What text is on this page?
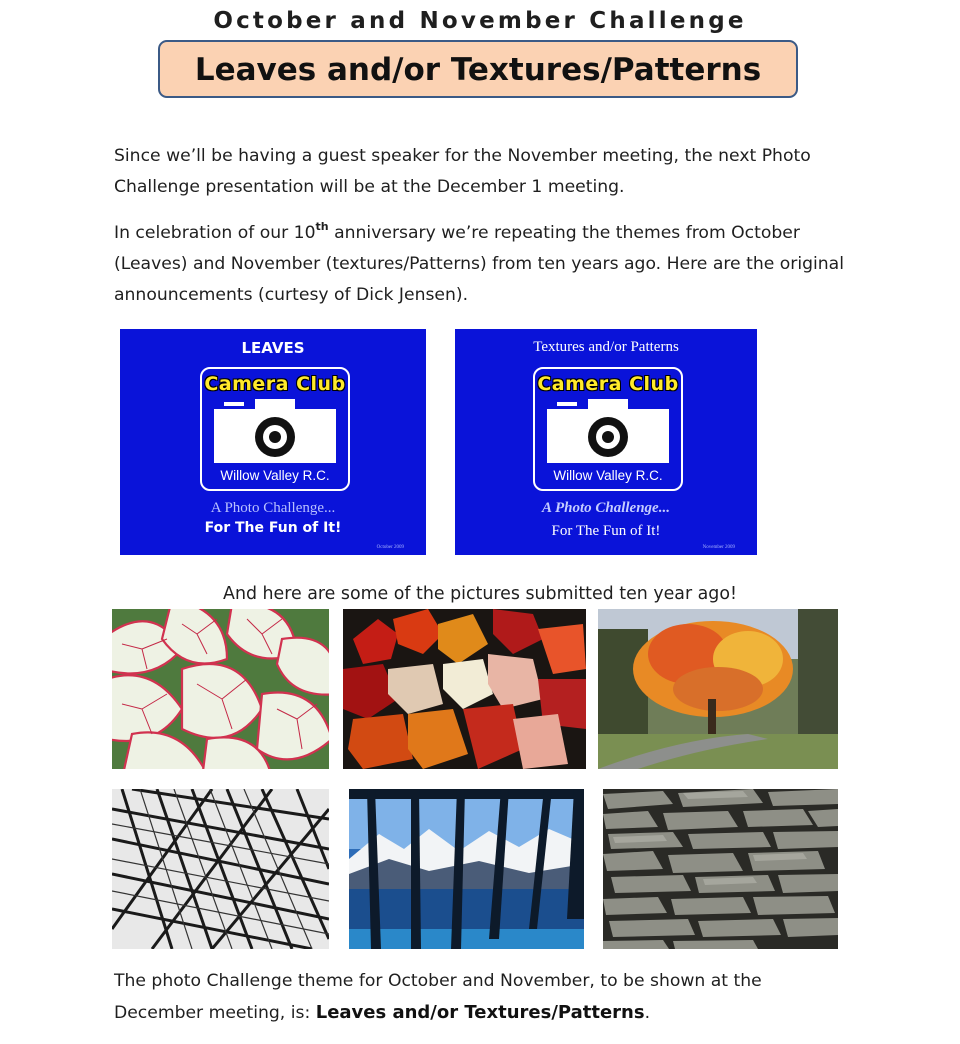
October and November Challenge
Leaves and/or Textures/Patterns
Since we’ll be having a guest speaker for the November meeting, the next Photo Challenge presentation will be at the December 1 meeting.
In celebration of our 10th anniversary we’re repeating the themes from October (Leaves) and November (textures/Patterns) from ten years ago. Here are the original announcements (curtesy of Dick Jensen).
LEAVES
Camera Club
Willow Valley R.C.
A Photo Challenge...
For The Fun of It!
October 2009
Textures and/or Patterns
Camera Club
Willow Valley R.C.
A Photo Challenge...
For The Fun of It!
November 2009
And here are some of the pictures submitted ten year ago!
The photo Challenge theme for October and November, to be shown at the December meeting, is: Leaves and/or Textures/Patterns.
